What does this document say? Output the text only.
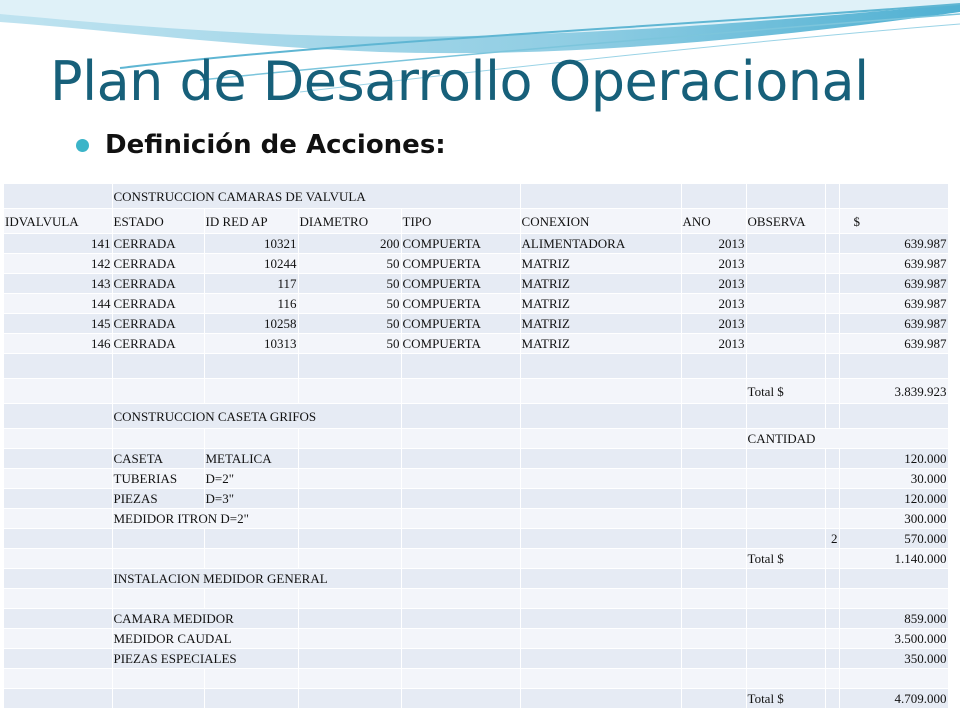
Plan de Desarrollo Operacional
Definición de Acciones:
	CONSTRUCCION CAMARAS DE VALVULA								
IDVALVULA	ESTADO	ID RED AP	DIAMETRO	TIPO	CONEXION	ANO	OBSERVA		$
141	CERRADA	10321	200	COMPUERTA	ALIMENTADORA	2013			639.987
142	CERRADA	10244	50	COMPUERTA	MATRIZ	2013			639.987
143	CERRADA	117	50	COMPUERTA	MATRIZ	2013			639.987
144	CERRADA	116	50	COMPUERTA	MATRIZ	2013			639.987
145	CERRADA	10258	50	COMPUERTA	MATRIZ	2013			639.987
146	CERRADA	10313	50	COMPUERTA	MATRIZ	2013			639.987

							Total $		3.839.923
	CONSTRUCCION CASETA GRIFOS								
							CANTIDAD		
	CASETA	METALICA							120.000
	TUBERIAS	D=2"							30.000
	PIEZAS	D=3"							120.000
	MEDIDOR ITRON D=2"								300.000
								2	570.000
							Total $		1.140.000
	INSTALACION MEDIDOR GENERAL								

	CAMARA MEDIDOR								859.000
	MEDIDOR CAUDAL								3.500.000
	PIEZAS ESPECIALES								350.000

							Total $		4.709.000
